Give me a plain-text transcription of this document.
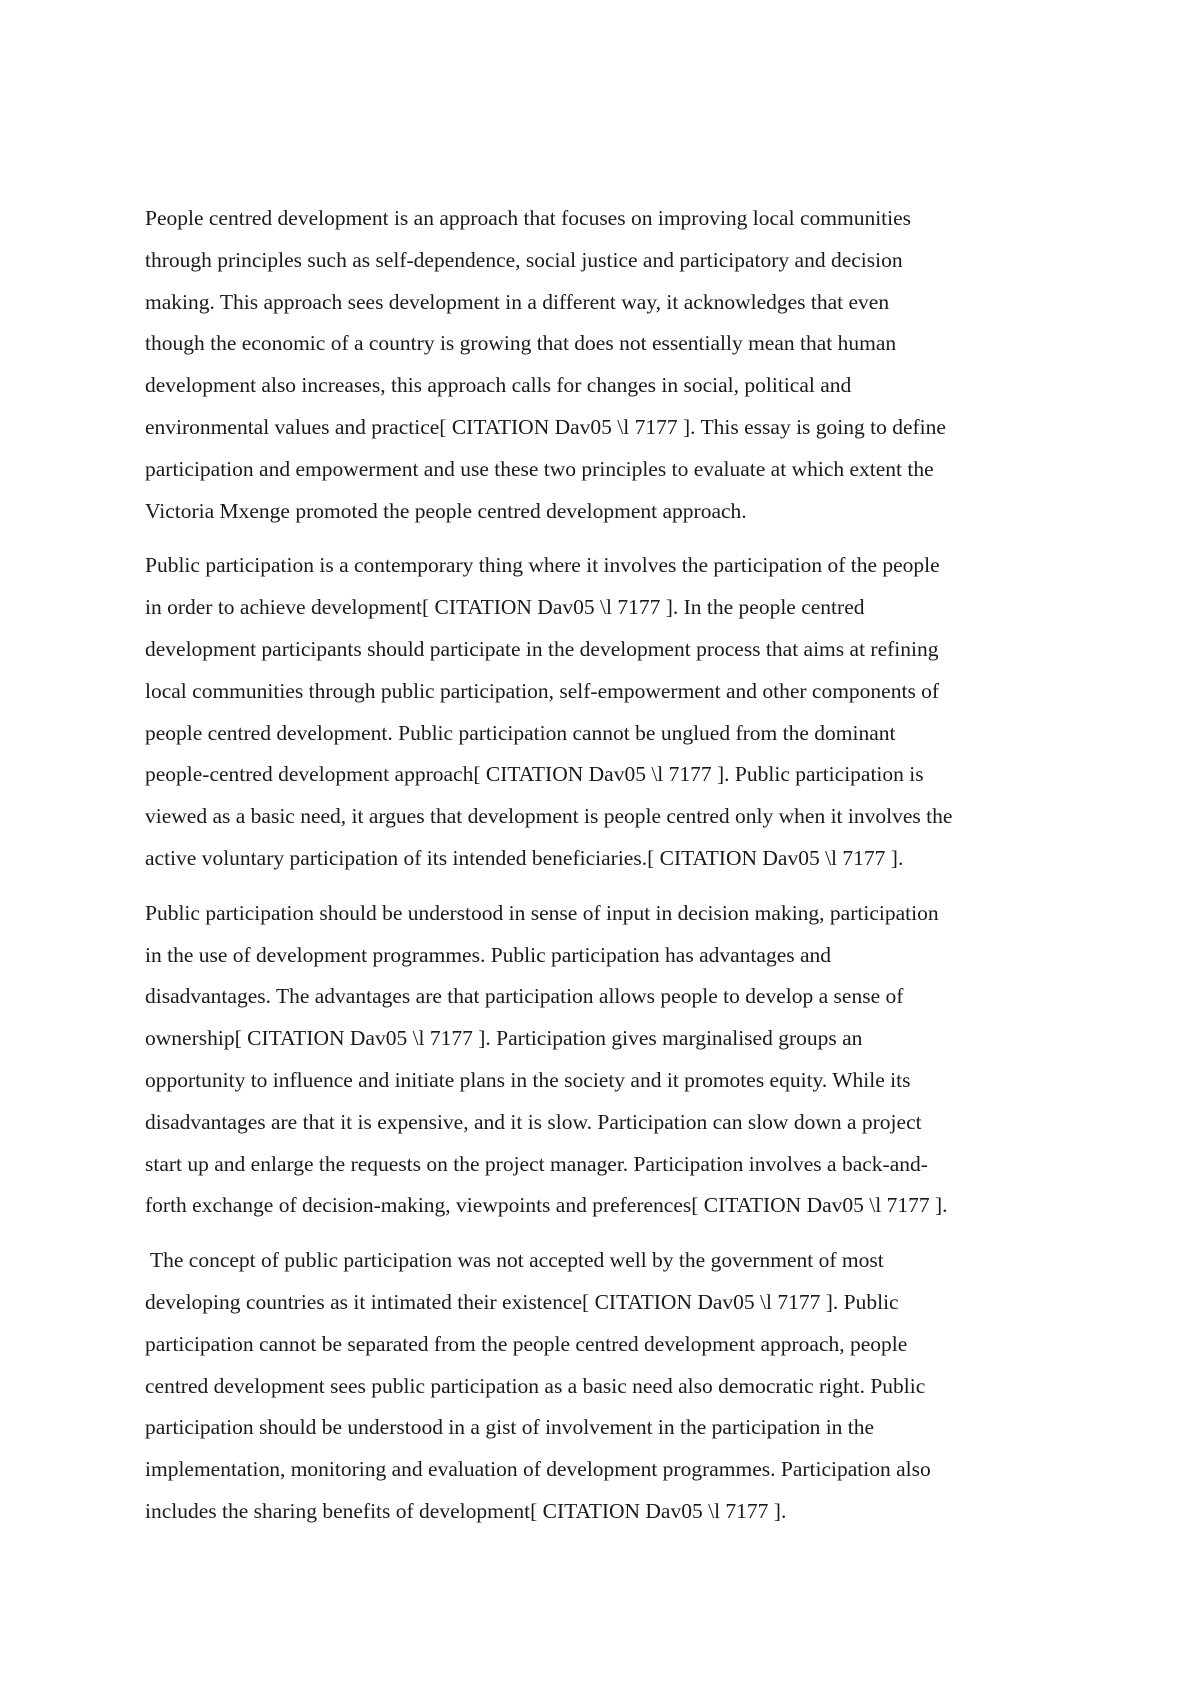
People centred development is an approach that focuses on improving local communities
through principles such as self-dependence, social justice and participatory and decision
making. This approach sees development in a different way, it acknowledges that even
though the economic of a country is growing that does not essentially mean that human
development also increases, this approach calls for changes in social, political and
environmental values and practice[ CITATION Dav05 \l 7177 ]. This essay is going to define
participation and empowerment and use these two principles to evaluate at which extent the
Victoria Mxenge promoted the people centred development approach.
Public participation is a contemporary thing where it involves the participation of the people
in order to achieve development[ CITATION Dav05 \l 7177 ]. In the people centred
development participants should participate in the development process that aims at refining
local communities through public participation, self-empowerment and other components of
people centred development. Public participation cannot be unglued from the dominant
people-centred development approach[ CITATION Dav05 \l 7177 ]. Public participation is
viewed as a basic need, it argues that development is people centred only when it involves the
active voluntary participation of its intended beneficiaries.[ CITATION Dav05 \l 7177 ].
Public participation should be understood in sense of input in decision making, participation
in the use of development programmes. Public participation has advantages and
disadvantages. The advantages are that participation allows people to develop a sense of
ownership[ CITATION Dav05 \l 7177 ]. Participation gives marginalised groups an
opportunity to influence and initiate plans in the society and it promotes equity. While its
disadvantages are that it is expensive, and it is slow. Participation can slow down a project
start up and enlarge the requests on the project manager. Participation involves a back-and-
forth exchange of decision-making, viewpoints and preferences[ CITATION Dav05 \l 7177 ].
The concept of public participation was not accepted well by the government of most
developing countries as it intimated their existence[ CITATION Dav05 \l 7177 ]. Public
participation cannot be separated from the people centred development approach, people
centred development sees public participation as a basic need also democratic right. Public
participation should be understood in a gist of involvement in the participation in the
implementation, monitoring and evaluation of development programmes. Participation also
includes the sharing benefits of development[ CITATION Dav05 \l 7177 ].
